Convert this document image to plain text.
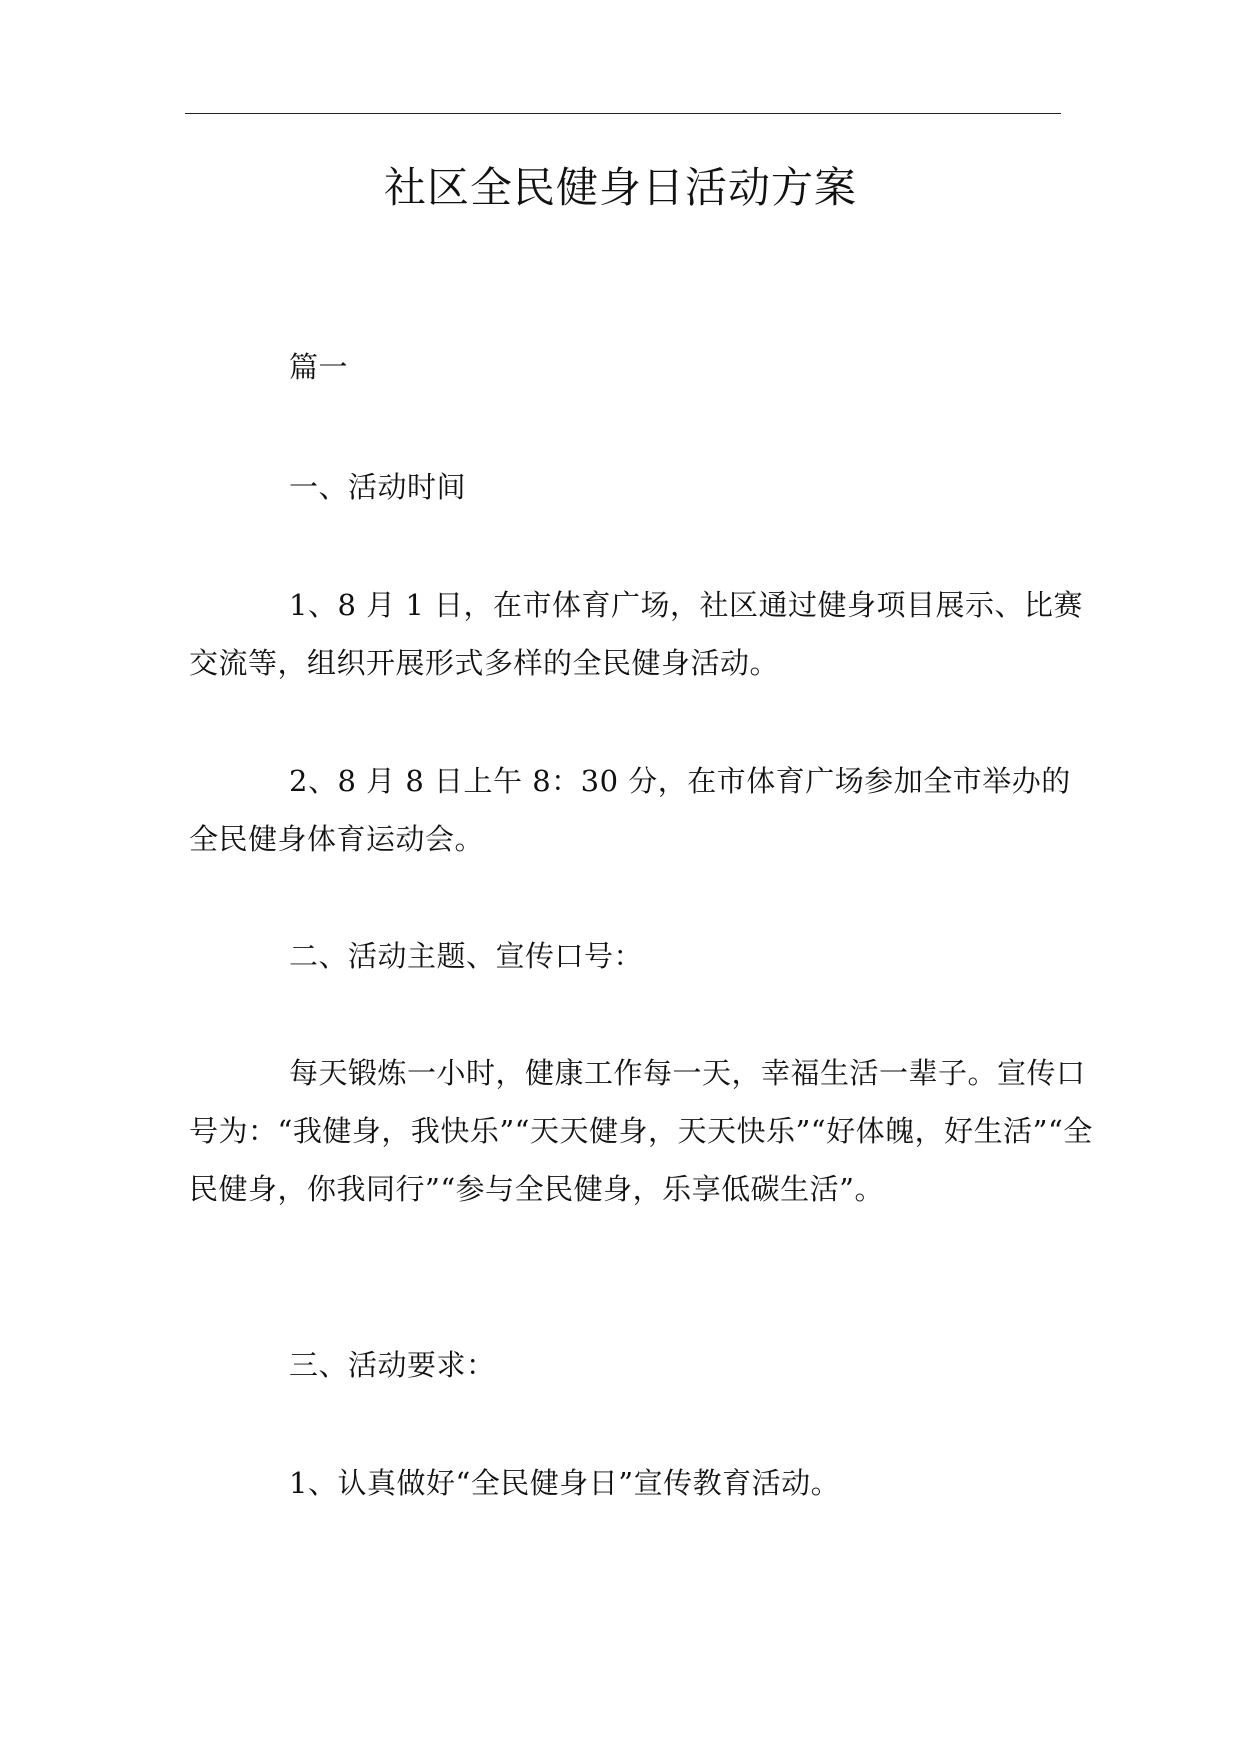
社区全民健身日活动方案

篇一

一、活动时间

1、8 月 1 日，在市体育广场，社区通过健身项目展示、比赛交流等，组织开展形式多样的全民健身活动。

2、8 月 8 日上午 8：30 分，在市体育广场参加全市举办的全民健身体育运动会。

二、活动主题、宣传口号：

每天锻炼一小时，健康工作每一天，幸福生活一辈子。宣传口号为：“我健身，我快乐”“天天健身，天天快乐”“好体魄，好生活”“全民健身，你我同行”“参与全民健身，乐享低碳生活”。

三、活动要求：

1、认真做好“全民健身日”宣传教育活动。
